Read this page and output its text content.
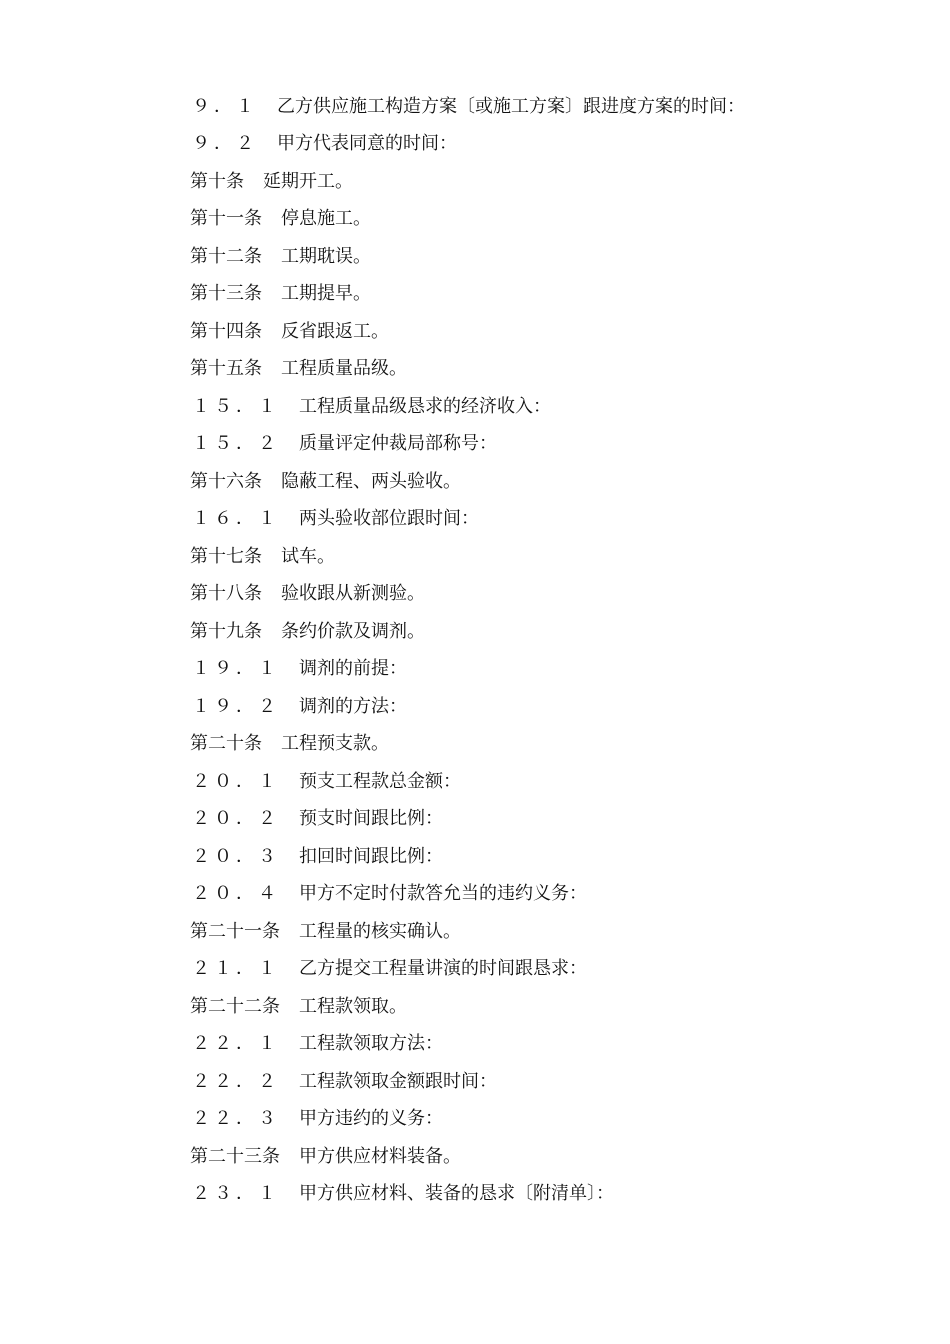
９．１ 乙方供应施工构造方案〔或施工方案〕跟进度方案的时间：
９．２ 甲方代表同意的时间：
第十条 延期开工。
第十一条 停息施工。
第十二条 工期耽误。
第十三条 工期提早。
第十四条 反省跟返工。
第十五条 工程质量品级。
１５．１ 工程质量品级恳求的经济收入：
１５．２ 质量评定仲裁局部称号：
第十六条 隐蔽工程、两头验收。
１６．１ 两头验收部位跟时间：
第十七条 试车。
第十八条 验收跟从新测验。
第十九条 条约价款及调剂。
１９．１ 调剂的前提：
１９．２ 调剂的方法：
第二十条 工程预支款。
２０．１ 预支工程款总金额：
２０．２ 预支时间跟比例：
２０．３ 扣回时间跟比例：
２０．４ 甲方不定时付款答允当的违约义务：
第二十一条 工程量的核实确认。
２１．１ 乙方提交工程量讲演的时间跟恳求：
第二十二条 工程款领取。
２２．１ 工程款领取方法：
２２．２ 工程款领取金额跟时间：
２２．３ 甲方违约的义务：
第二十三条 甲方供应材料装备。
２３．１ 甲方供应材料、装备的恳求〔附清单〕：
